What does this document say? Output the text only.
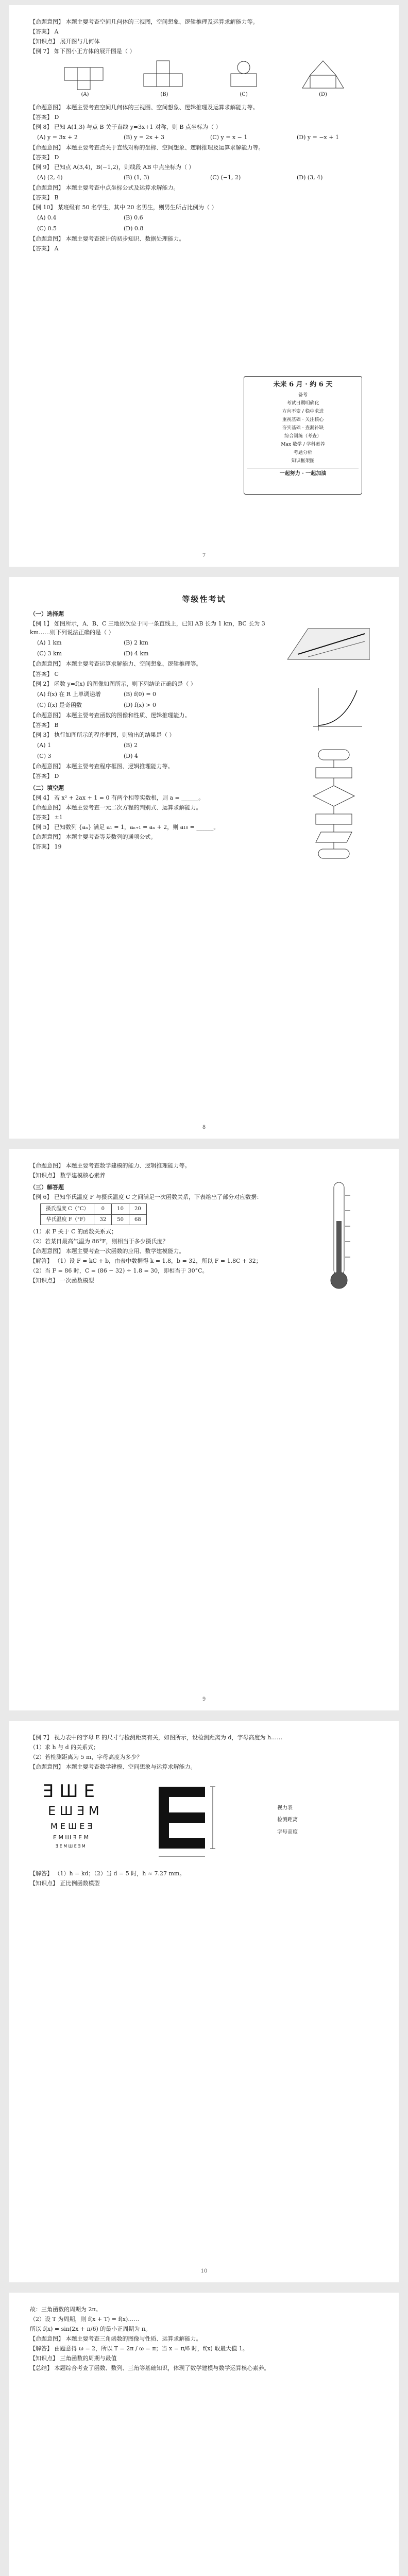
【命题意图】 本题主要考查空间几何体的三视图，空间想象、逻辑推理及运算求解能力等。
【答案】 A
【知识点】 展开图与几何体
【例 7】 如下图小正方体的展开图是（ ）
(A)	(B)	(C)	(D)
【命题意图】 本题主要考查空间几何体的三视图、空间想象、逻辑推理及运算求解能力等。
【答案】 D
【例 8】 已知 A(1,3) 与点 B 关于直线 y=3x+1 对称，则 B 点坐标为（ ）
(A) y = 3x + 2	(B) y = 2x + 3	(C) y = x − 1	(D) y = −x + 1
【命题意图】 本题主要考查点关于直线对称的坐标、空间想象、逻辑推理及运算求解能力等。
【答案】 D
【例 9】 已知点 A(3,4)，B(−1,2)，则线段 AB 中点坐标为（ ）
(A) (2, 4)	(B) (1, 3)	(C) (−1, 2)	(D) (3, 4)
【命题意图】 本题主要考查中点坐标公式及运算求解能力。
【答案】 B
【例 10】 某班级有 50 名学生，其中 20 名男生，则男生所占比例为（ ）
(A) 0.4	(B) 0.6
(C) 0.5	(D) 0.8
【命题意图】 本题主要考查统计的初步知识、数据处理能力。
【答案】 A
未来 6 月 · 约 6 天
备考
考试日期明确化
方向不变 / 稳中求进
重视基础 · 关注核心
夯实基础 · 查漏补缺
综合训练（考查）
Max 数学 / 学科素养
考题分析
知识框架图
一起努力 · 一起加油
7
等级性考试
（一）选择题
【例 1】 如图所示，A、B、C 三地依次位于同一条直线上，已知 AB 长为 1 km，BC 长为 3 km……则下列说法正确的是（ ）
(A) 1 km	(B) 2 km
(C) 3 km	(D) 4 km
【命题意图】 本题主要考查运算求解能力、空间想象、逻辑推理等。
【答案】 C
【例 2】 函数 y=f(x) 的图像如图所示，则下列结论正确的是（ ）
(A) f(x) 在 R 上单调递增	(B) f(0) = 0
(C) f(x) 是奇函数	(D) f(x) > 0
【命题意图】 本题主要考查函数的图像和性质、逻辑推理能力。
【答案】 B
【例 3】 执行如图所示的程序框图，则输出的结果是（ ）
(A) 1	(B) 2
(C) 3	(D) 4
【命题意图】 本题主要考查程序框图、逻辑推理能力等。
【答案】 D
（二）填空题
【例 4】 若 x² + 2ax + 1 = 0 有两个相等实数根，则 a = ______。
【命题意图】 本题主要考查一元二次方程的判别式、运算求解能力。
【答案】 ±1
【例 5】 已知数列 {aₙ} 满足 a₁ = 1，aₙ₊₁ = aₙ + 2，则 a₁₀ = ______。
【命题意图】 本题主要考查等差数列的通项公式。
【答案】 19
8
【命题意图】 本题主要考查数学建模的能力、逻辑推理能力等。
【知识点】 数学建模核心素养
（三）解答题
【例 6】 已知华氏温度 F 与摄氏温度 C 之间满足一次函数关系，下表给出了部分对应数据：
摄氏温度 C（°C）	0	10	20
华氏温度 F（°F）	32	50	68
（1）求 F 关于 C 的函数关系式；
（2）若某日最高气温为 86°F，则相当于多少摄氏度？
【命题意图】 本题主要考查一次函数的应用、数学建模能力。
【解答】 （1）设 F = kC + b，由表中数据得 k = 1.8，b = 32，所以 F = 1.8C + 32；
（2）当 F = 86 时，C = (86 − 32) ÷ 1.8 = 30，即相当于 30°C。
【知识点】 一次函数模型
9
【例 7】 视力表中的字母 E 的尺寸与检测距离有关，如图所示，设检测距离为 d，字母高度为 h……
（1）求 h 与 d 的关系式；
（2）若检测距离为 5 m，字母高度为多少？
【命题意图】 本题主要考查数学建模、空间想象与运算求解能力。
Ǝ Ш E
E Ш Ǝ M
M E Ш E Ǝ
E M Ш Ǝ E M
Ǝ E M Ш E Ǝ M
视力表
检测距离
字母高度
【解答】 （1）h = kd；（2）当 d = 5 时，h ≈ 7.27 mm。
【知识点】 正比例函数模型
10
故：三角函数的周期为 2π。
（2）设 T 为周期，则 f(x + T) = f(x)……
所以 f(x) = sin(2x + π/6) 的最小正周期为 π。
【命题意图】 本题主要考查三角函数的图像与性质、运算求解能力。
【解答】 由题意得 ω = 2，所以 T = 2π / ω = π；当 x = π/6 时，f(x) 取最大值 1。
【知识点】 三角函数的周期与最值
【总结】 本题综合考查了函数、数列、三角等基础知识，体现了数学建模与数学运算核心素养。
